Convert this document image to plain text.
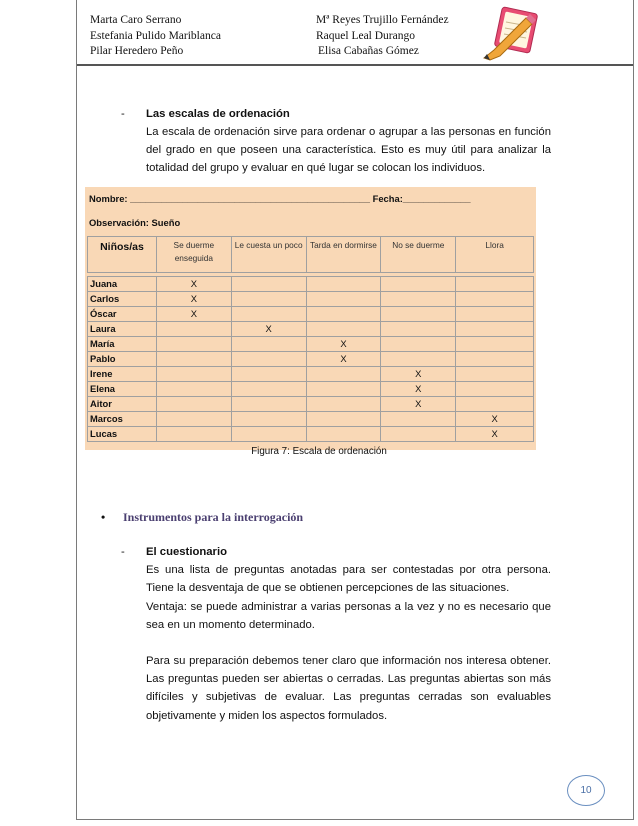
Marta Caro Serrano	Mª Reyes Trujillo Fernández
Estefania Pulido Mariblanca	Raquel Leal Durango
Pilar Heredero Peño	Elisa Cabañas Gómez
-	Las escalas de ordenación
La escala de ordenación sirve para ordenar o agrupar a las personas en función del grado en que poseen una característica. Esto es muy útil para analizar la totalidad del grupo y evaluar en qué lugar se colocan los individuos.
Nombre: ______________________________________________ Fecha:_____________
Observación: Sueño
Niños/as	Se duerme enseguida	Le cuesta un poco	Tarda en dormirse	No se duerme	Llora

Juana	X				
Carlos	X				
Óscar	X				
Laura		X			
María			X		
Pablo			X		
Irene				X	
Elena				X	
Aitor				X	
Marcos					X
Lucas					X
Figura 7: Escala de ordenación
•	Instrumentos para la interrogación
-	El cuestionario
Es una lista de preguntas anotadas para ser contestadas por otra persona. Tiene la desventaja de que se obtienen percepciones de las situaciones.
Ventaja: se puede administrar a varias personas a la vez y no es necesario que sea en un momento determinado.
Para su preparación debemos tener claro que información nos interesa obtener. Las preguntas pueden ser abiertas o cerradas. Las preguntas abiertas son más difíciles y subjetivas de evaluar. Las preguntas cerradas son evaluables objetivamente y miden los aspectos formulados.
10
